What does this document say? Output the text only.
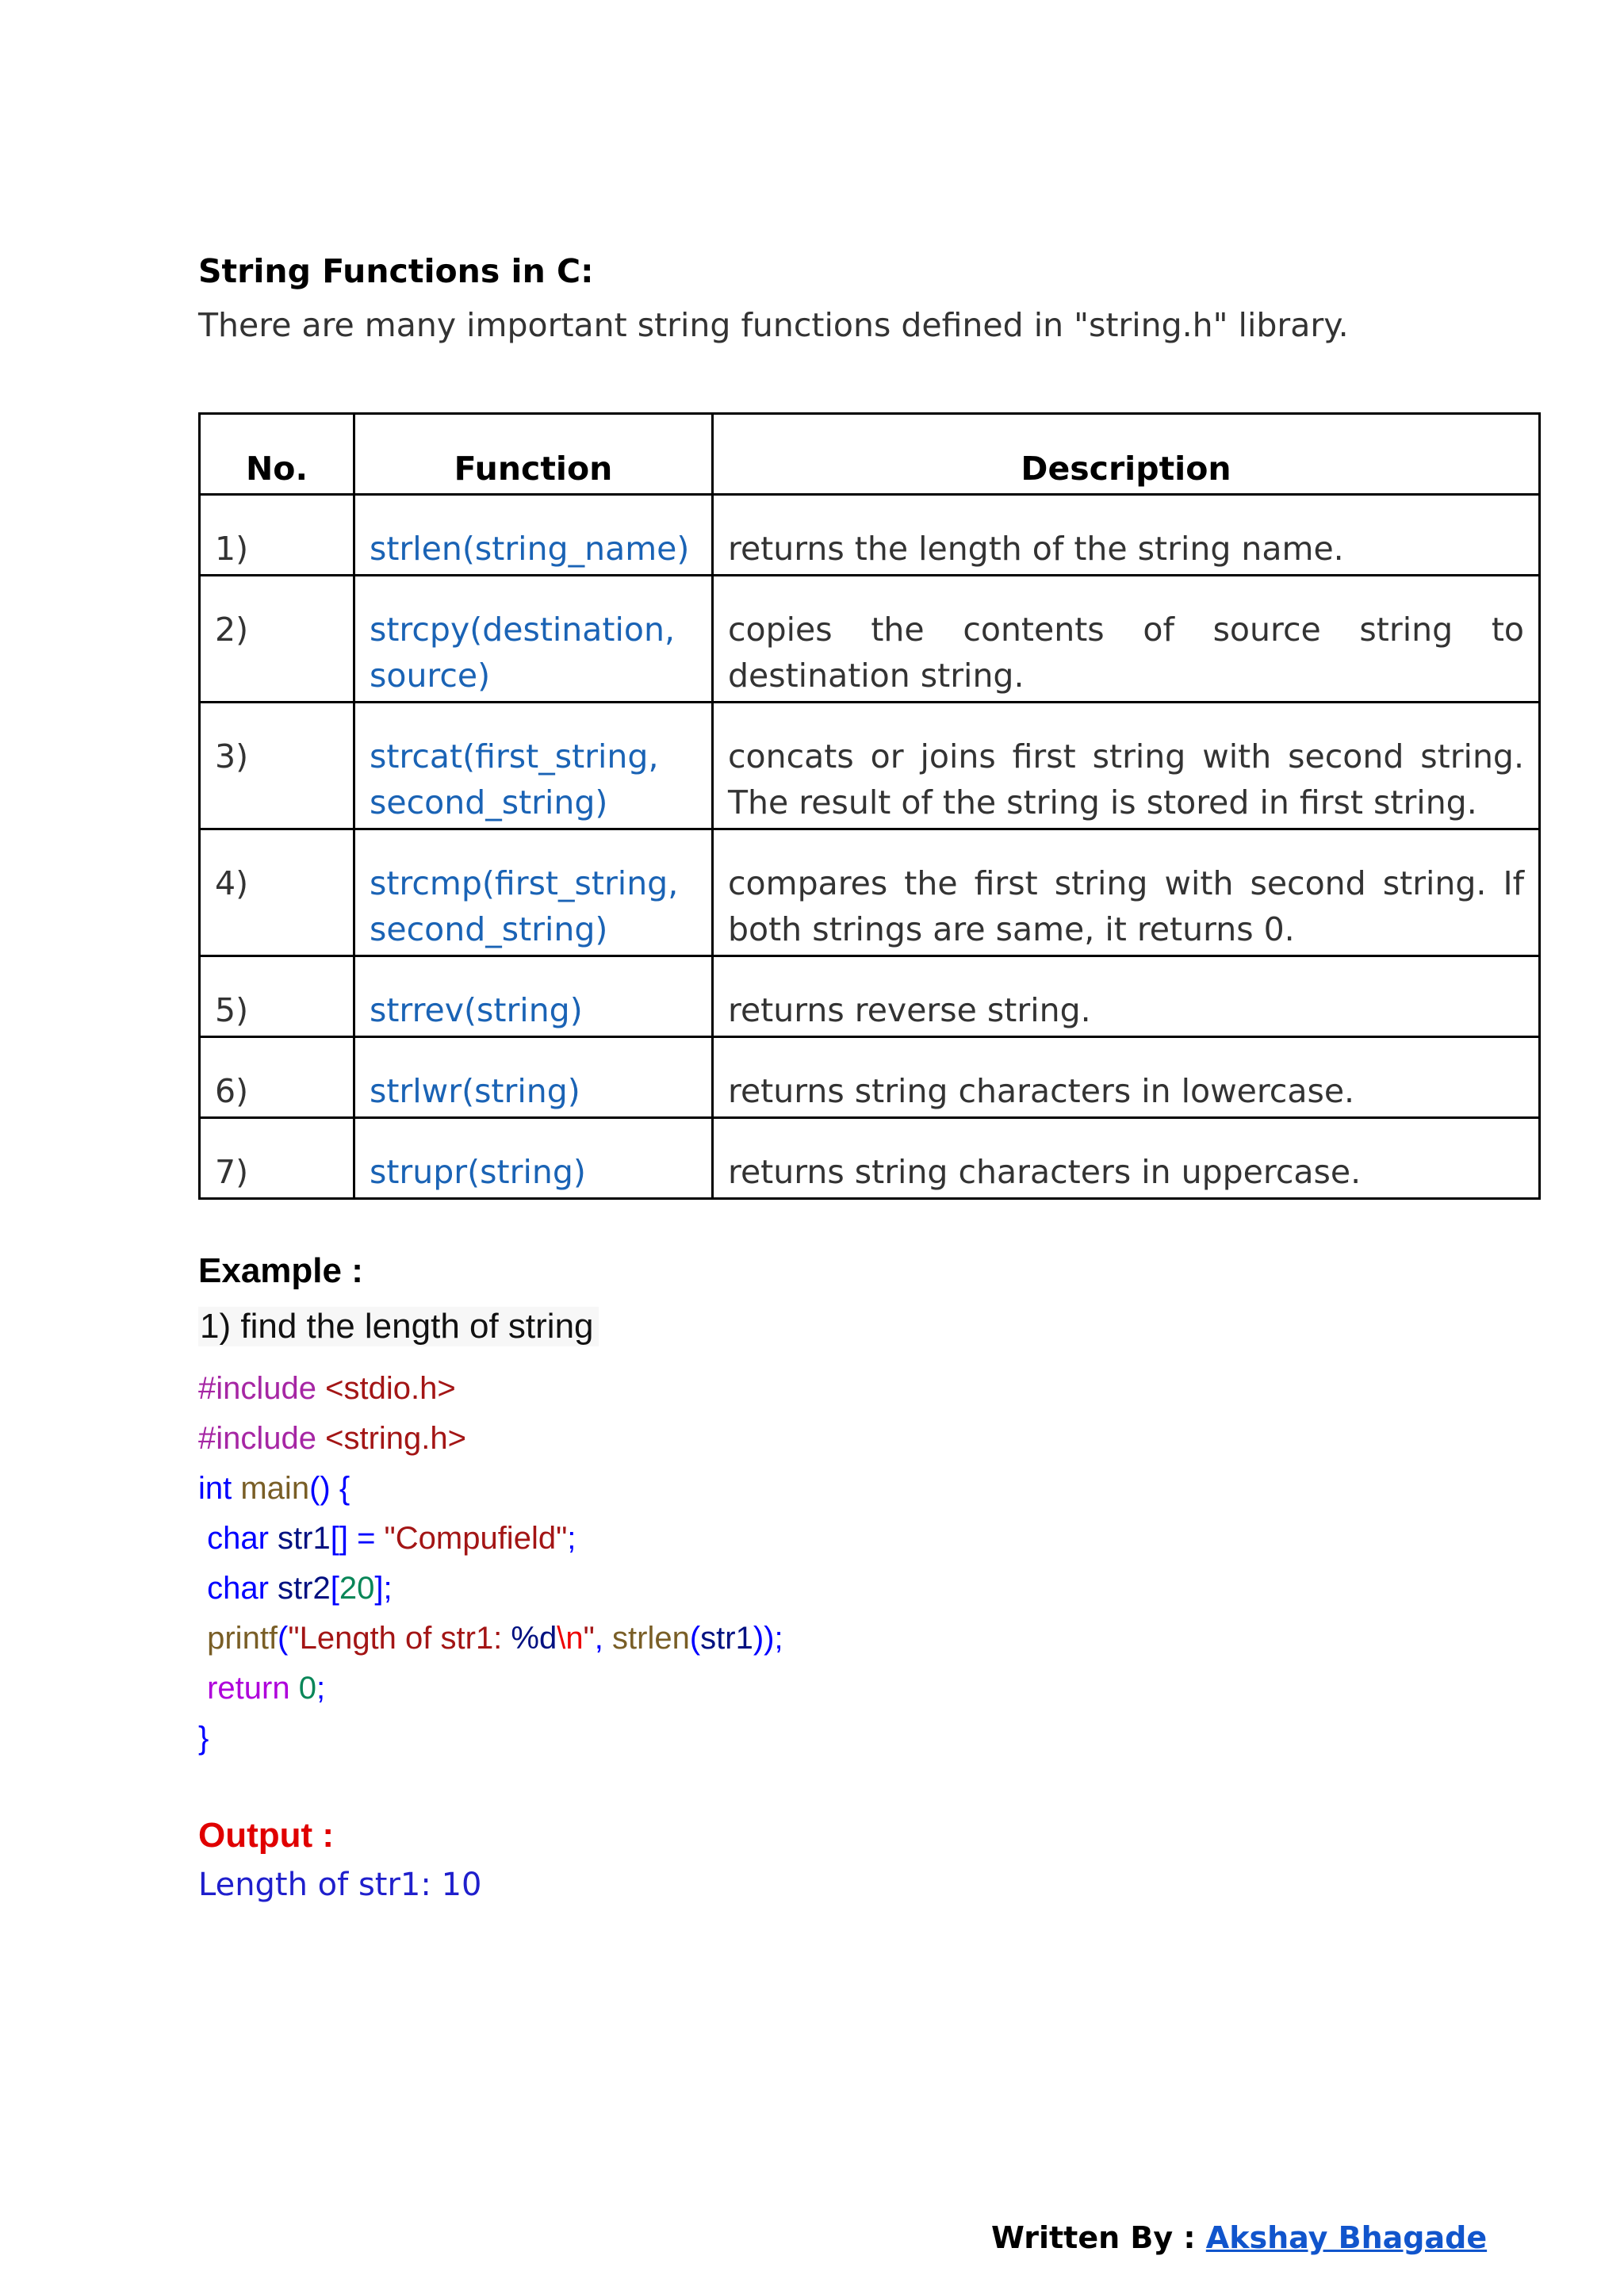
String Functions in C:
There are many important string functions defined in "string.h" library.
No.	Function	Description
1)	strlen(string_name)	returns the length of the string name.
2)	strcpy(destination, source)	copies the contents of source string to destination string.
3)	strcat(first_string, second_string)	concats or joins first string with second string. The result of the string is stored in first string.
4)	strcmp(first_string, second_string)	compares the first string with second string. If both strings are same, it returns 0.
5)	strrev(string)	returns reverse string.
6)	strlwr(string)	returns string characters in lowercase.
7)	strupr(string)	returns string characters in uppercase.
Example :
1) find the length of string
#include <stdio.h>
#include <string.h>
int main() {
char str1[] = "Compufield";
char str2[20];
printf("Length of str1: %d\n", strlen(str1));
return 0;
}
Output :
Length of str1: 10
Written By : Akshay Bhagade
